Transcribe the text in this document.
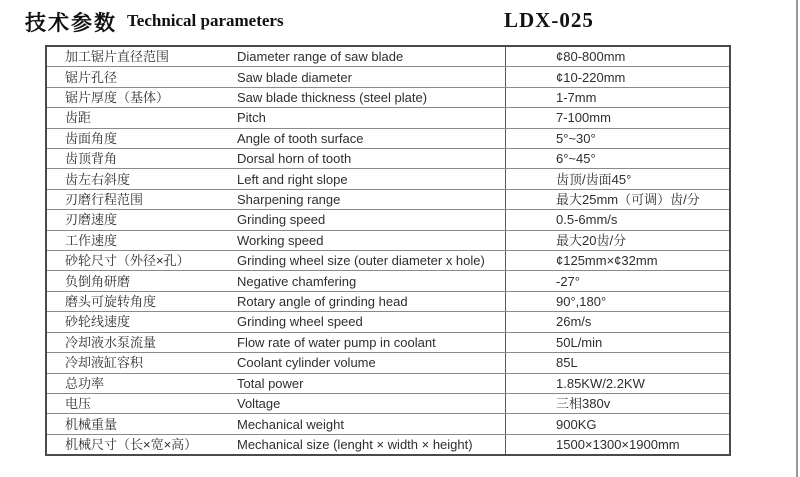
技术参数 Technical parameters	LDX-025
加工锯片直径范围	Diameter range of saw blade	¢80-800mm
锯片孔径	Saw blade diameter	¢10-220mm
锯片厚度（基体）	Saw blade thickness (steel plate)	1-7mm
齿距	Pitch	7-100mm
齿面角度	Angle of tooth surface	5°~30°
齿顶背角	Dorsal horn of tooth	6°~45°
齿左右斜度	Left and right slope	齿顶/齿面45°
刃磨行程范围	Sharpening range	最大25mm（可调）齿/分
刃磨速度	Grinding speed	0.5-6mm/s
工作速度	Working speed	最大20齿/分
砂轮尺寸（外径×孔）	Grinding wheel size (outer diameter x hole)	¢125mm×¢32mm
负倒角研磨	Negative chamfering	-27°
磨头可旋转角度	Rotary angle of grinding head	90°,180°
砂轮线速度	Grinding wheel speed	26m/s
冷却液水泵流量	Flow rate of water pump in coolant	50L/min
冷却液缸容积	Coolant cylinder volume	85L
总功率	Total power	1.85KW/2.2KW
电压	Voltage	三相380v
机械重量	Mechanical weight	900KG
机械尺寸（长×宽×高）	Mechanical size (lenght × width × height)	1500×1300×1900mm
